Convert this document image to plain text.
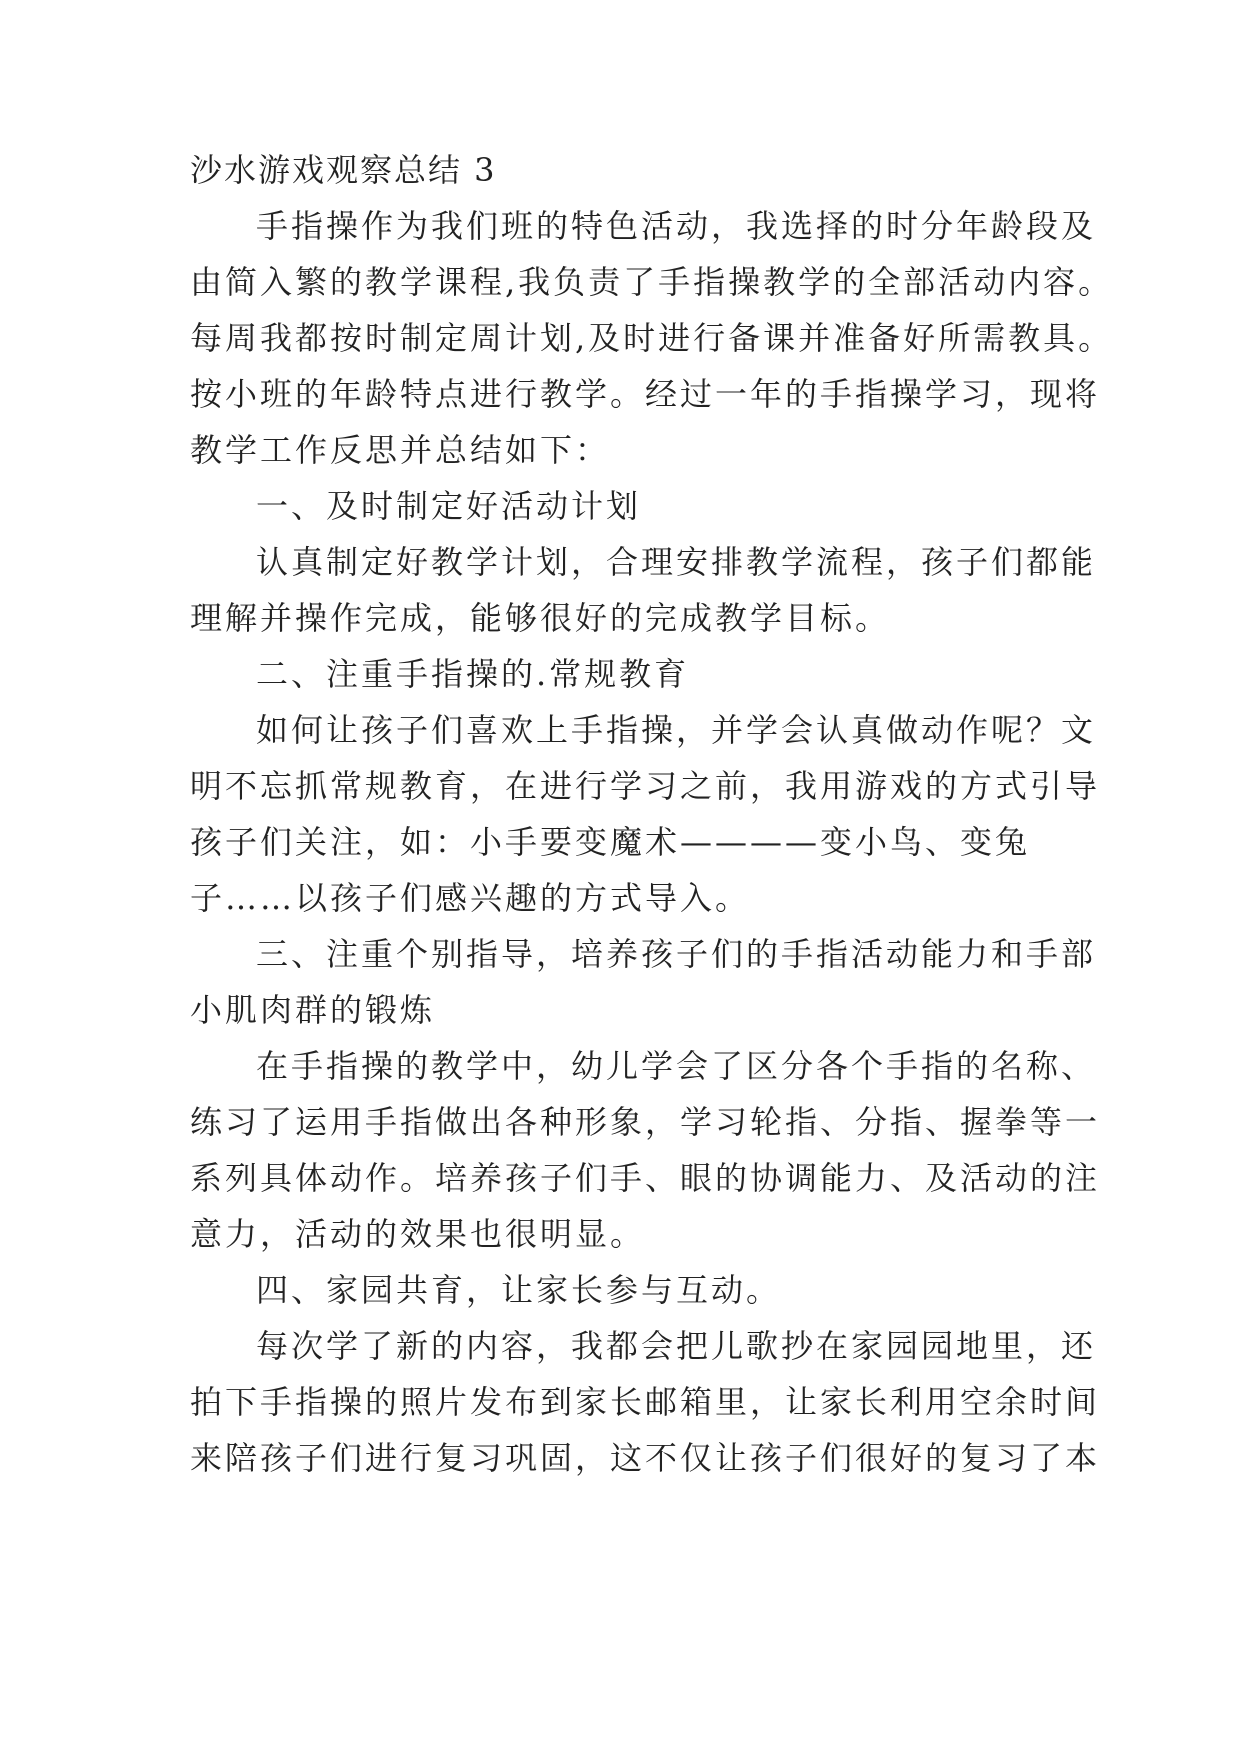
沙水游戏观察总结 3

手指操作为我们班的特色活动，我选择的时分年龄段及

由简入繁的教学课程,我负责了手指操教学的全部活动内容。

每周我都按时制定周计划,及时进行备课并准备好所需教具。

按小班的年龄特点进行教学。经过一年的手指操学习，现将

教学工作反思并总结如下：

一、及时制定好活动计划

认真制定好教学计划，合理安排教学流程，孩子们都能

理解并操作完成，能够很好的完成教学目标。

二、注重手指操的.常规教育

如何让孩子们喜欢上手指操，并学会认真做动作呢？文

明不忘抓常规教育，在进行学习之前，我用游戏的方式引导

孩子们关注，如：小手要变魔术————变小鸟、变兔

子……以孩子们感兴趣的方式导入。

三、注重个别指导，培养孩子们的手指活动能力和手部

小肌肉群的锻炼

在手指操的教学中，幼儿学会了区分各个手指的名称、

练习了运用手指做出各种形象，学习轮指、分指、握拳等一

系列具体动作。培养孩子们手、眼的协调能力、及活动的注

意力，活动的效果也很明显。

四、家园共育，让家长参与互动。

每次学了新的内容，我都会把儿歌抄在家园园地里，还

拍下手指操的照片发布到家长邮箱里，让家长利用空余时间

来陪孩子们进行复习巩固，这不仅让孩子们很好的复习了本
